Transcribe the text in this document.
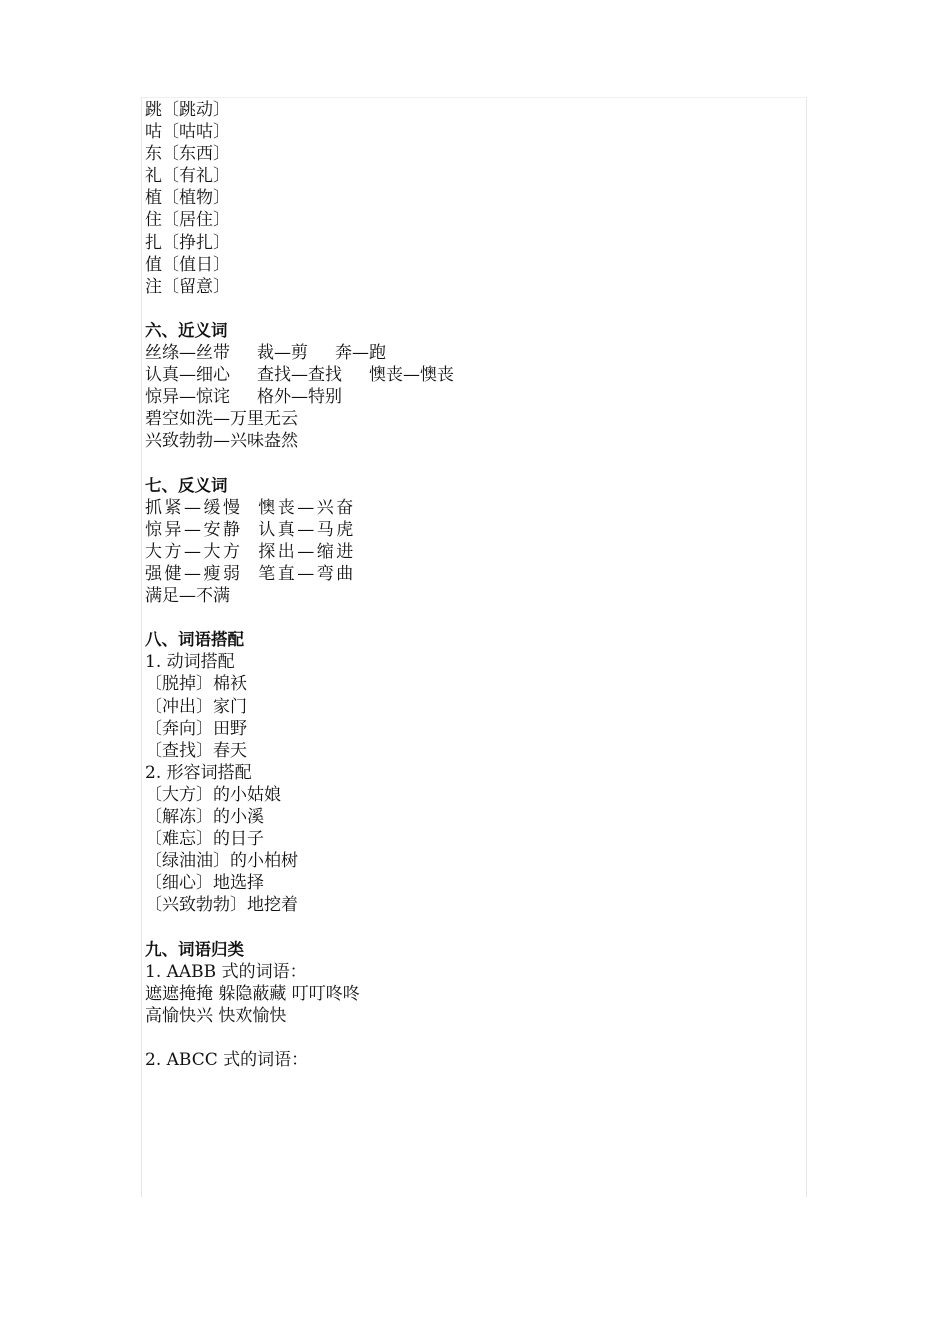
跳〔跳动〕
咕〔咕咕〕
东〔东西〕
礼〔有礼〕
植〔植物〕
住〔居住〕
扎〔挣扎〕
值〔值日〕
注〔留意〕
六、近义词
丝绦—丝带     裁—剪     奔—跑
认真—细心     查找—查找     懊丧—懊丧
惊异—惊诧     格外—特别
碧空如洗—万里无云
兴致勃勃—兴味盎然
七、反义词
抓紧—缓慢  懊丧—兴奋
惊异—安静  认真—马虎
大方—大方  探出—缩进
强健—瘦弱  笔直—弯曲
满足—不满
八、词语搭配
1. 动词搭配
〔脱掉〕棉袄
〔冲出〕家门
〔奔向〕田野
〔查找〕春天
2. 形容词搭配
〔大方〕的小姑娘
〔解冻〕的小溪
〔难忘〕的日子
〔绿油油〕的小柏树
〔细心〕地选择
〔兴致勃勃〕地挖着
九、词语归类
1. AABB 式的词语：
遮遮掩掩 躲隐蔽藏 叮叮咚咚
高愉快兴 快欢愉快
2. ABCC 式的词语：
